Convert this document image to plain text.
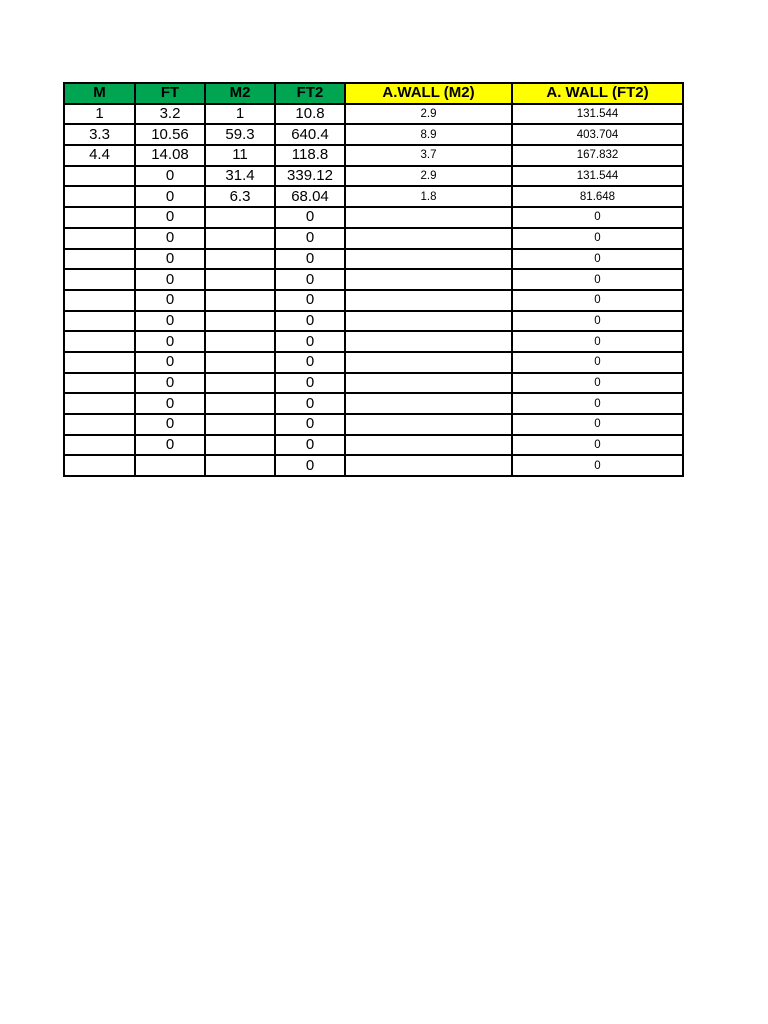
M	FT	M2	FT2	A.WALL (M2)	A. WALL (FT2)
1	3.2	1	10.8	2.9	131.544
3.3	10.56	59.3	640.4	8.9	403.704
4.4	14.08	11	118.8	3.7	167.832
	0	31.4	339.12	2.9	131.544
	0	6.3	68.04	1.8	81.648
	0		0		0
	0		0		0
	0		0		0
	0		0		0
	0		0		0
	0		0		0
	0		0		0
	0		0		0
	0		0		0
	0		0		0
	0		0		0
	0		0		0
			0		0
